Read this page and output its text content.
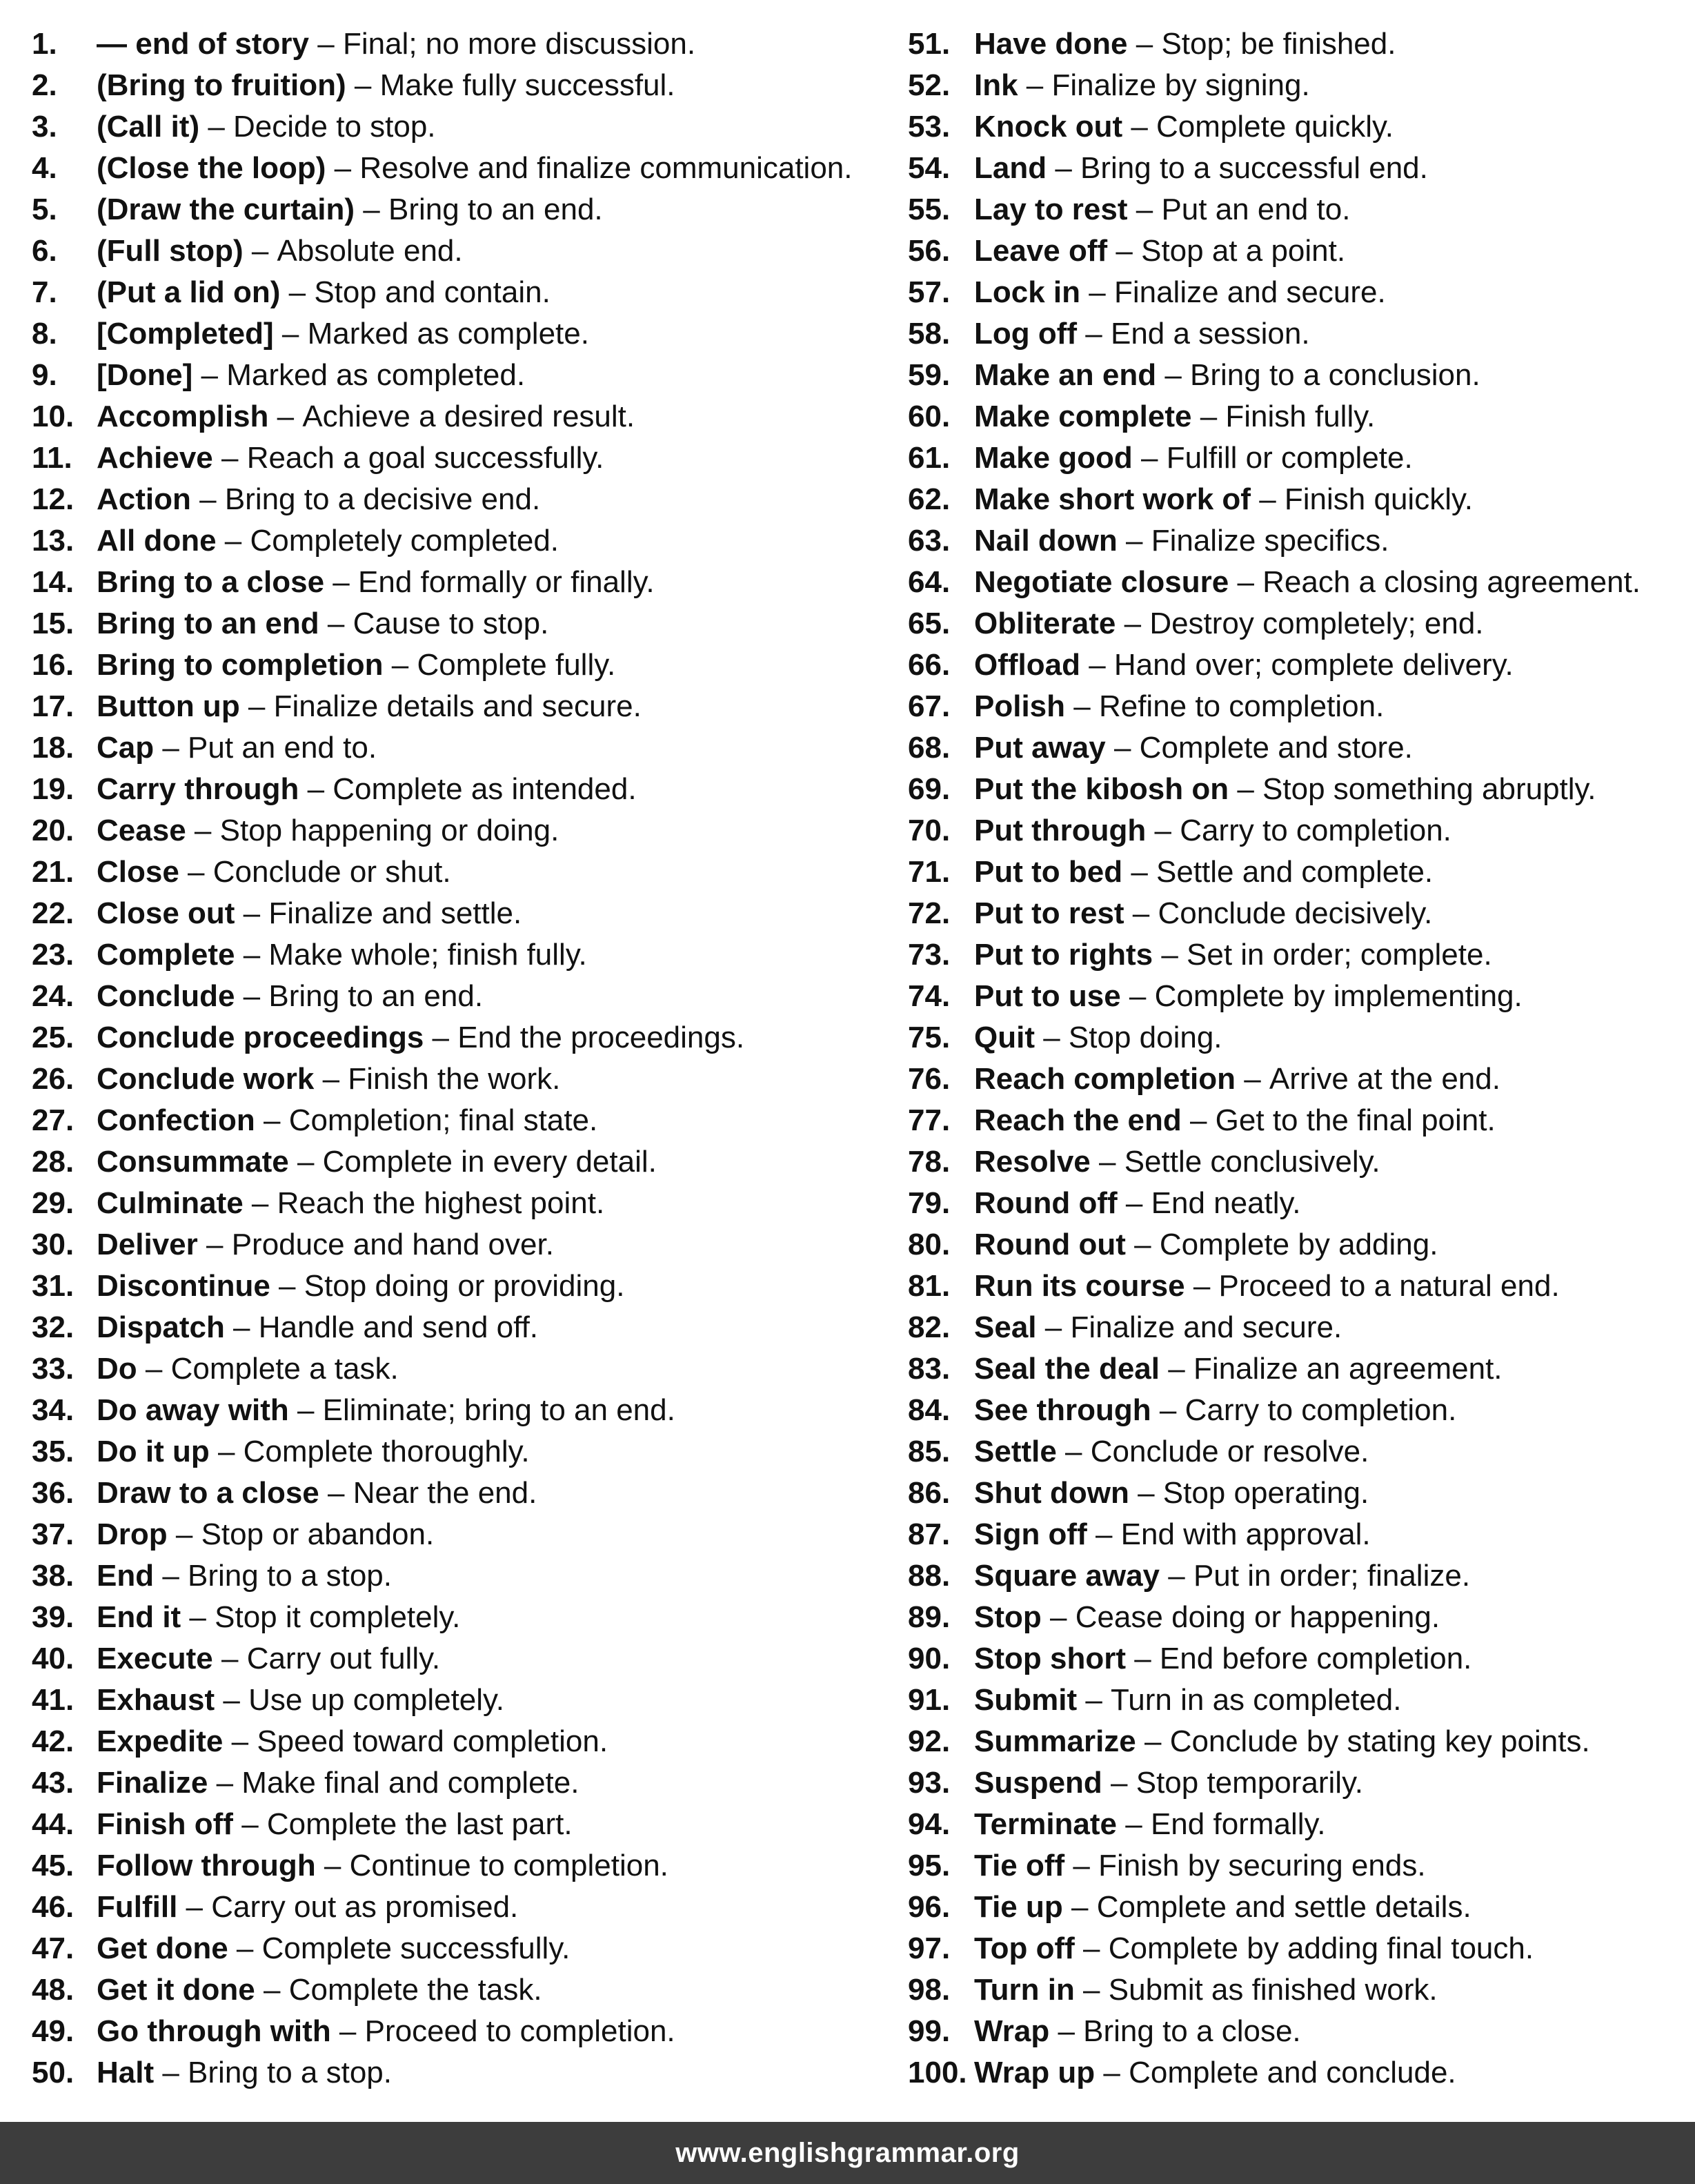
1.	— end of story – Final; no more discussion.
2.	(Bring to fruition) – Make fully successful.
3.	(Call it) – Decide to stop.
4.	(Close the loop) – Resolve and finalize communication.
5.	(Draw the curtain) – Bring to an end.
6.	(Full stop) – Absolute end.
7.	(Put a lid on) – Stop and contain.
8.	[Completed] – Marked as complete.
9.	[Done] – Marked as completed.
10. Accomplish – Achieve a desired result.
11. Achieve – Reach a goal successfully.
12. Action – Bring to a decisive end.
13. All done – Completely completed.
14. Bring to a close – End formally or finally.
15. Bring to an end – Cause to stop.
16. Bring to completion – Complete fully.
17. Button up – Finalize details and secure.
18. Cap – Put an end to.
19. Carry through – Complete as intended.
20. Cease – Stop happening or doing.
21. Close – Conclude or shut.
22. Close out – Finalize and settle.
23. Complete – Make whole; finish fully.
24. Conclude – Bring to an end.
25. Conclude proceedings – End the proceedings.
26. Conclude work – Finish the work.
27. Confection – Completion; final state.
28. Consummate – Complete in every detail.
29. Culminate – Reach the highest point.
30. Deliver – Produce and hand over.
31. Discontinue – Stop doing or providing.
32. Dispatch – Handle and send off.
33. Do – Complete a task.
34. Do away with – Eliminate; bring to an end.
35. Do it up – Complete thoroughly.
36. Draw to a close – Near the end.
37. Drop – Stop or abandon.
38. End – Bring to a stop.
39. End it – Stop it completely.
40. Execute – Carry out fully.
41. Exhaust – Use up completely.
42. Expedite – Speed toward completion.
43. Finalize – Make final and complete.
44. Finish off – Complete the last part.
45. Follow through – Continue to completion.
46. Fulfill – Carry out as promised.
47. Get done – Complete successfully.
48. Get it done – Complete the task.
49. Go through with – Proceed to completion.
50. Halt – Bring to a stop.
51. Have done – Stop; be finished.
52. Ink – Finalize by signing.
53. Knock out – Complete quickly.
54. Land – Bring to a successful end.
55. Lay to rest – Put an end to.
56. Leave off – Stop at a point.
57. Lock in – Finalize and secure.
58. Log off – End a session.
59. Make an end – Bring to a conclusion.
60. Make complete – Finish fully.
61. Make good – Fulfill or complete.
62. Make short work of – Finish quickly.
63. Nail down – Finalize specifics.
64. Negotiate closure – Reach a closing agreement.
65. Obliterate – Destroy completely; end.
66. Offload – Hand over; complete delivery.
67. Polish – Refine to completion.
68. Put away – Complete and store.
69. Put the kibosh on – Stop something abruptly.
70. Put through – Carry to completion.
71. Put to bed – Settle and complete.
72. Put to rest – Conclude decisively.
73. Put to rights – Set in order; complete.
74. Put to use – Complete by implementing.
75. Quit – Stop doing.
76. Reach completion – Arrive at the end.
77. Reach the end – Get to the final point.
78. Resolve – Settle conclusively.
79. Round off – End neatly.
80. Round out – Complete by adding.
81. Run its course – Proceed to a natural end.
82. Seal – Finalize and secure.
83. Seal the deal – Finalize an agreement.
84. See through – Carry to completion.
85. Settle – Conclude or resolve.
86. Shut down – Stop operating.
87. Sign off – End with approval.
88. Square away – Put in order; finalize.
89. Stop – Cease doing or happening.
90. Stop short – End before completion.
91. Submit – Turn in as completed.
92. Summarize – Conclude by stating key points.
93. Suspend – Stop temporarily.
94. Terminate – End formally.
95. Tie off – Finish by securing ends.
96. Tie up – Complete and settle details.
97. Top off – Complete by adding final touch.
98. Turn in – Submit as finished work.
99. Wrap – Bring to a close.
100. Wrap up – Complete and conclude.
www.englishgrammar.org
